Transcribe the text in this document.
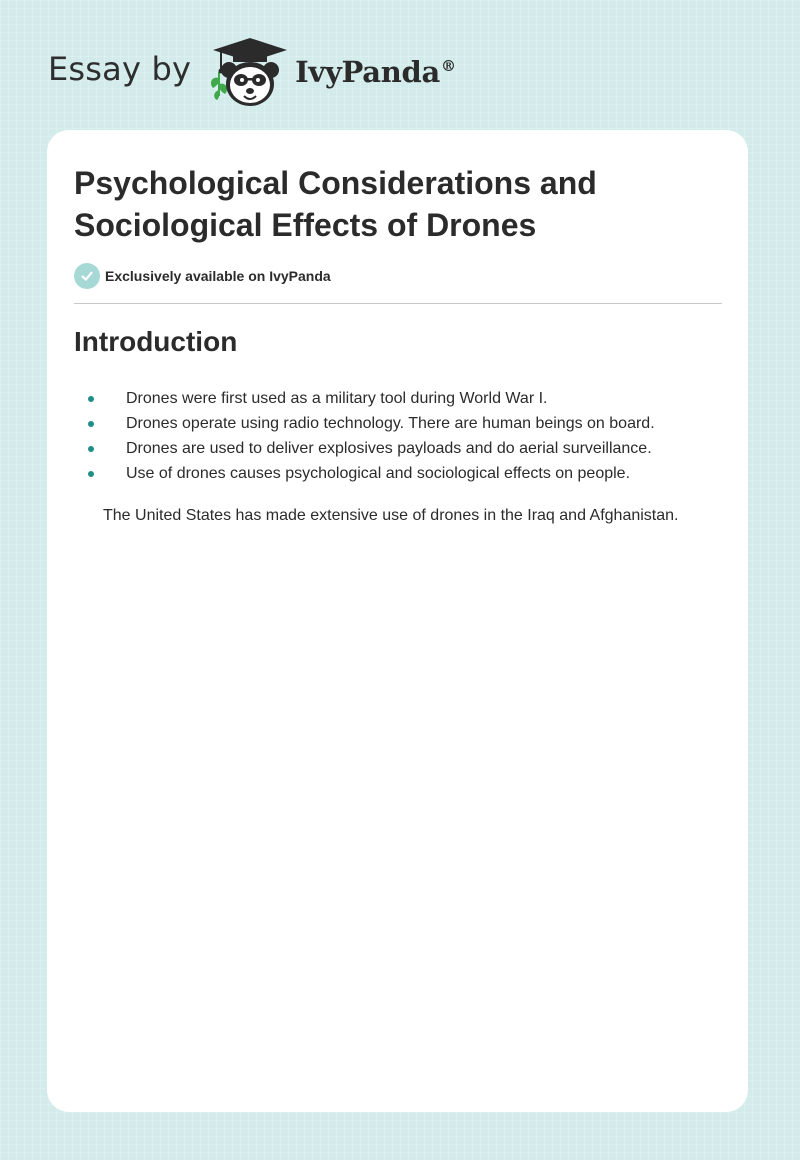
Essay by	IvyPanda®
Psychological Considerations and Sociological Effects of Drones
Exclusively available on IvyPanda
Introduction
Drones were first used as a military tool during World War I.
Drones operate using radio technology. There are human beings on board.
Drones are used to deliver explosives payloads and do aerial surveillance.
Use of drones causes psychological and sociological effects on people.

The United States has made extensive use of drones in the Iraq and Afghanistan.
